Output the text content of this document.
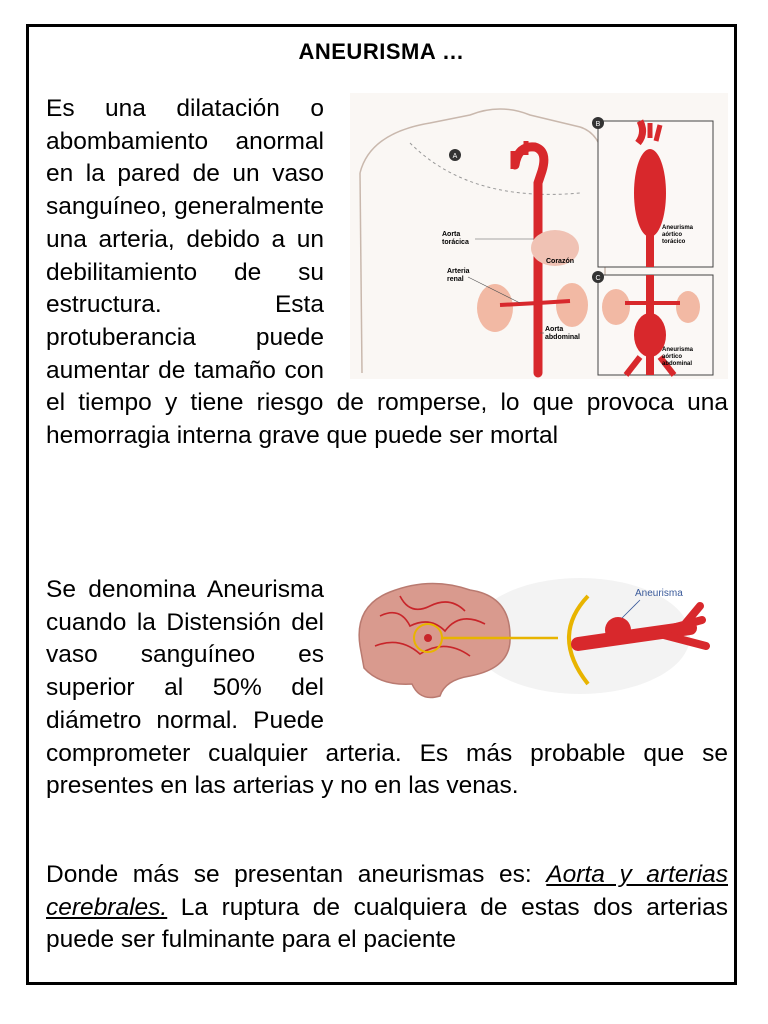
ANEURISMA …
A
Aorta
torácica
Arteria
renal
Corazón
Aorta
abdominal
B
Aneurisma
aórtico
torácico
C
Aneurisma
aórtico
abdominal

Es una dilatación o abombamiento anormal en la pared de un vaso sanguíneo, generalmente una arteria, debido a un debilitamiento de su estructura. Esta protuberancia puede aumentar de tamaño con el tiempo y tiene riesgo de romperse, lo que provoca una hemorragia interna grave que puede ser mortal

Aneurisma

Se denomina Aneurisma cuando la Distensión del vaso sanguíneo es superior al 50% del diámetro normal. Puede comprometer cualquier arteria. Es más probable que se presentes en las arterias y no en las venas.

Donde más se presentan aneurismas es: Aorta y arterias cerebrales. La ruptura de cualquiera de estas dos arterias puede ser fulminante para el paciente
